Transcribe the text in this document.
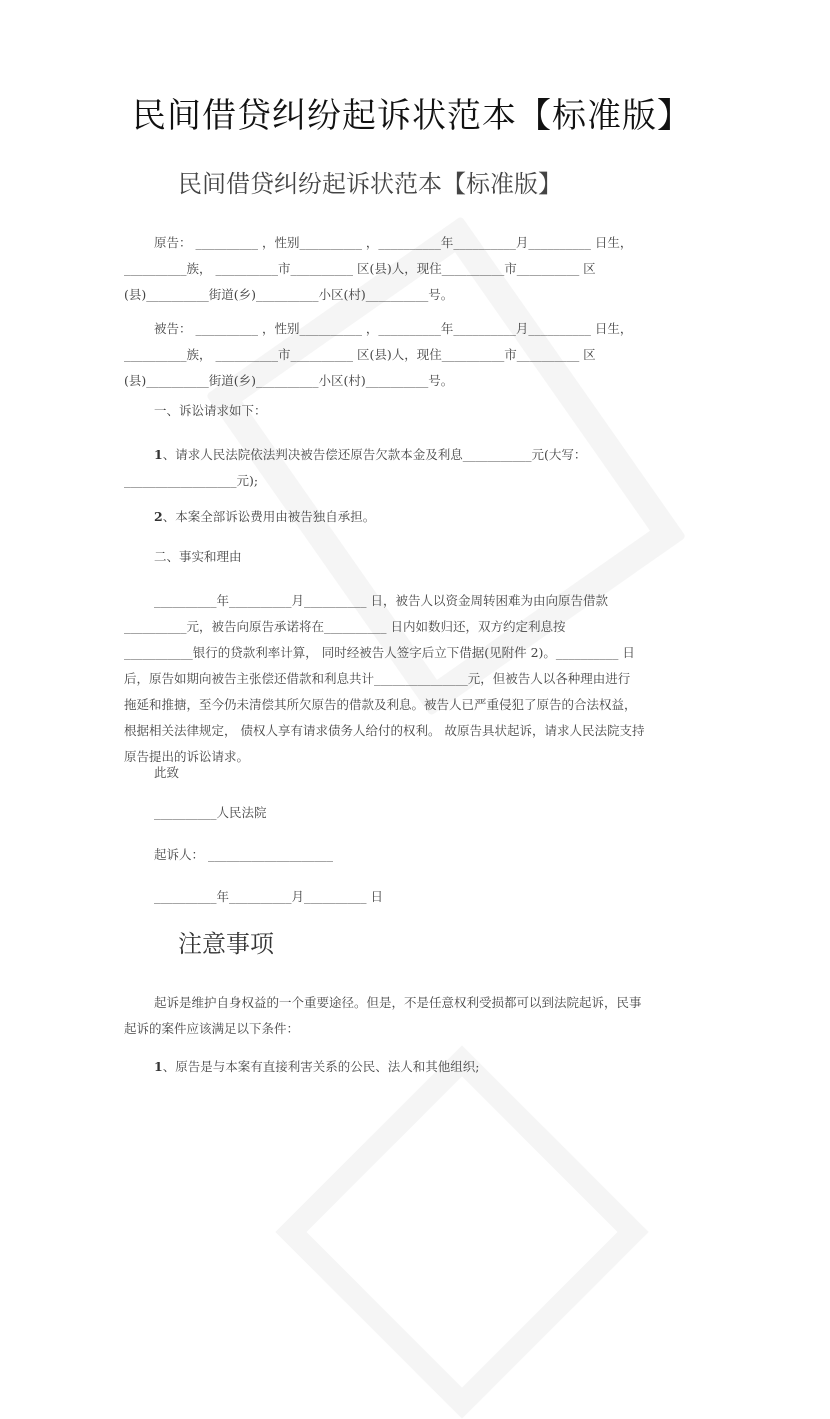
民间借贷纠纷起诉状范本【标准版】
民间借贷纠纷起诉状范本【标准版】
原告： __________ ，性别__________ ，__________年__________月__________ 日生，
__________族， __________市__________ 区(县)人，现住__________市__________ 区
(县)__________街道(乡)__________小区(村)__________号。
被告： __________ ，性别__________ ，__________年__________月__________ 日生，
__________族， __________市__________ 区(县)人，现住__________市__________ 区
(县)__________街道(乡)__________小区(村)__________号。
一、诉讼请求如下：
1、请求人民法院依法判决被告偿还原告欠款本金及利息___________元(大写：
__________________元);
2、本案全部诉讼费用由被告独自承担。
二、事实和理由
__________年__________月__________ 日，被告人以资金周转困难为由向原告借款
__________元，被告向原告承诺将在__________ 日内如数归还，双方约定利息按
___________银行的贷款利率计算， 同时经被告人签字后立下借据(见附件 2)。__________ 日
后，原告如期向被告主张偿还借款和利息共计_______________元，但被告人以各种理由进行
拖延和推搪，至今仍未清偿其所欠原告的借款及利息。被告人已严重侵犯了原告的合法权益，
根据相关法律规定， 债权人享有请求债务人给付的权利。 故原告具状起诉，请求人民法院支持
原告提出的诉讼请求。
此致
__________人民法院
起诉人： ____________________
__________年__________月__________ 日
注意事项
起诉是维护自身权益的一个重要途径。但是，不是任意权利受损都可以到法院起诉，民事
起诉的案件应该满足以下条件：
1、原告是与本案有直接利害关系的公民、法人和其他组织;
